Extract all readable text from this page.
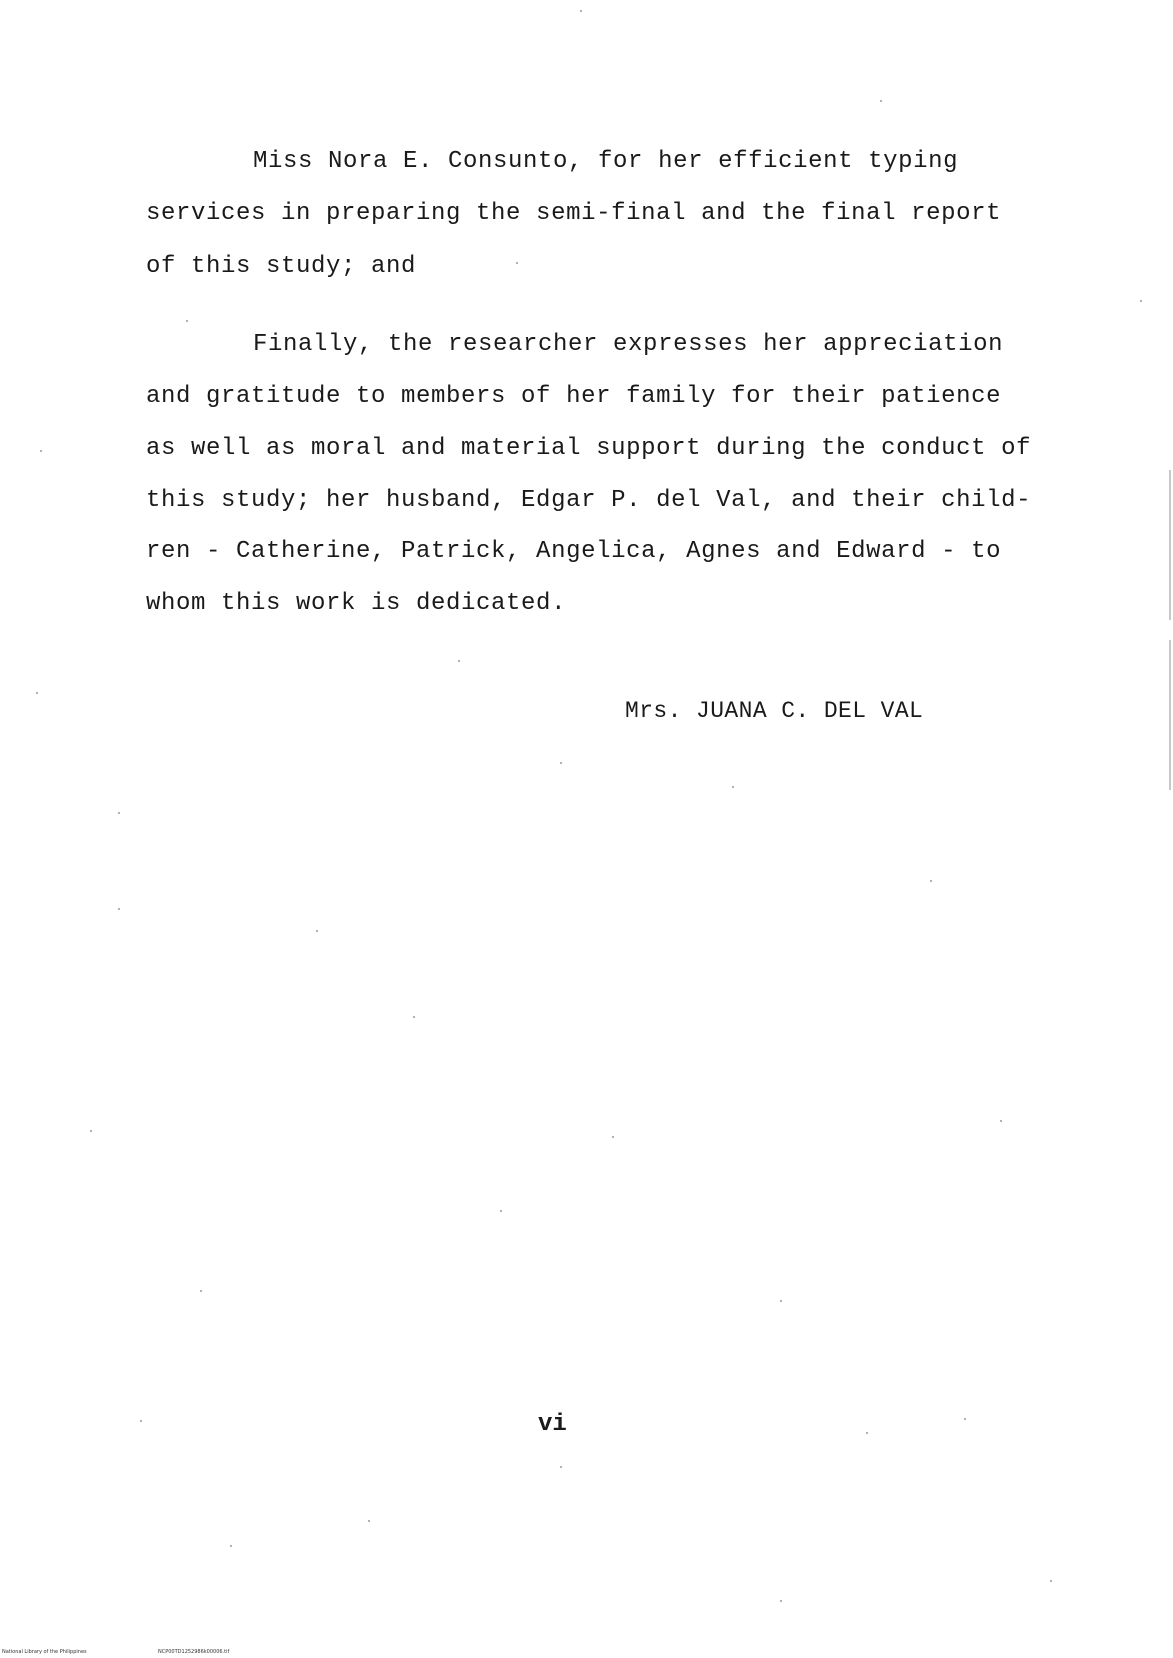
Miss Nora E. Consunto, for her efficient typing
services in preparing the semi-final and the final report
of this study; and
Finally, the researcher expresses her appreciation
and gratitude to members of her family for their patience
as well as moral and material support during the conduct of
this study; her husband, Edgar P. del Val, and their child-
ren - Catherine, Patrick, Angelica, Agnes and Edward - to
whom this work is dedicated.
Mrs. JUANA C. DEL VAL
vi
National Library of the Philippines	NCP00TD1252986k00006.tif
